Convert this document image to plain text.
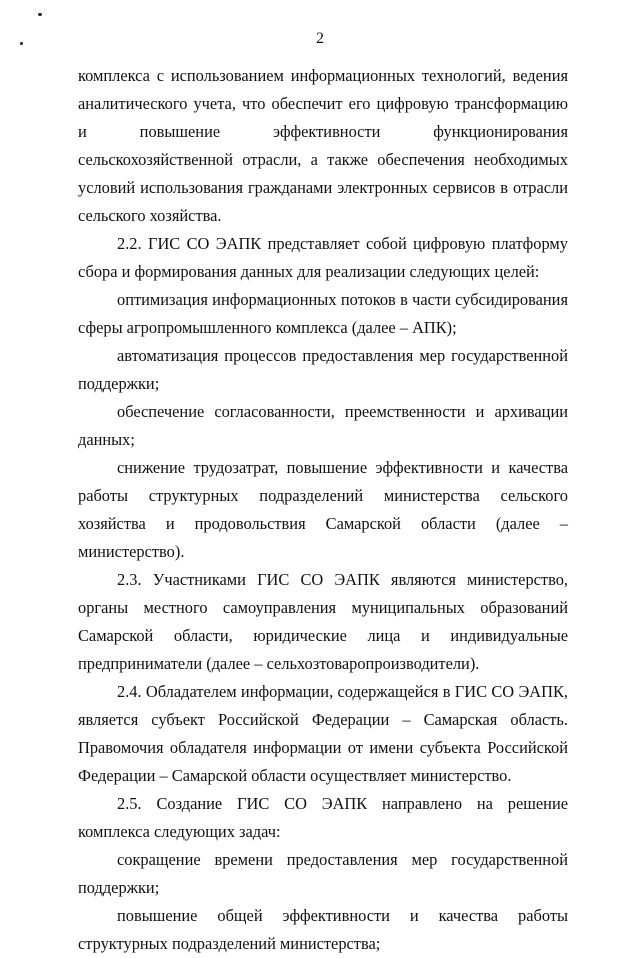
2

комплекса с использованием информационных технологий, ведения аналитического учета, что обеспечит его цифровую трансформацию и повышение эффективности функционирования сельскохозяйственной отрасли, а также обеспечения необходимых условий использования гражданами электронных сервисов в отрасли сельского хозяйства.

2.2. ГИС СО ЭАПК представляет собой цифровую платформу сбора и формирования данных для реализации следующих целей:

оптимизация информационных потоков в части субсидирования сферы агропромышленного комплекса (далее – АПК);

автоматизация процессов предоставления мер государственной поддержки;

обеспечение согласованности, преемственности и архивации данных;

снижение трудозатрат, повышение эффективности и качества работы структурных подразделений министерства сельского хозяйства и продовольствия Самарской области (далее – министерство).

2.3. Участниками ГИС СО ЭАПК являются министерство, органы местного самоуправления муниципальных образований Самарской области, юридические лица и индивидуальные предприниматели (далее – сельхозтоваропроизводители).

2.4. Обладателем информации, содержащейся в ГИС СО ЭАПК, является субъект Российской Федерации – Самарская область. Правомочия обладателя информации от имени субъекта Российской Федерации – Самарской области осуществляет министерство.

2.5. Создание ГИС СО ЭАПК направлено на решение комплекса следующих задач:

сокращение времени предоставления мер государственной поддержки;

повышение общей эффективности и качества работы структурных подразделений министерства;
